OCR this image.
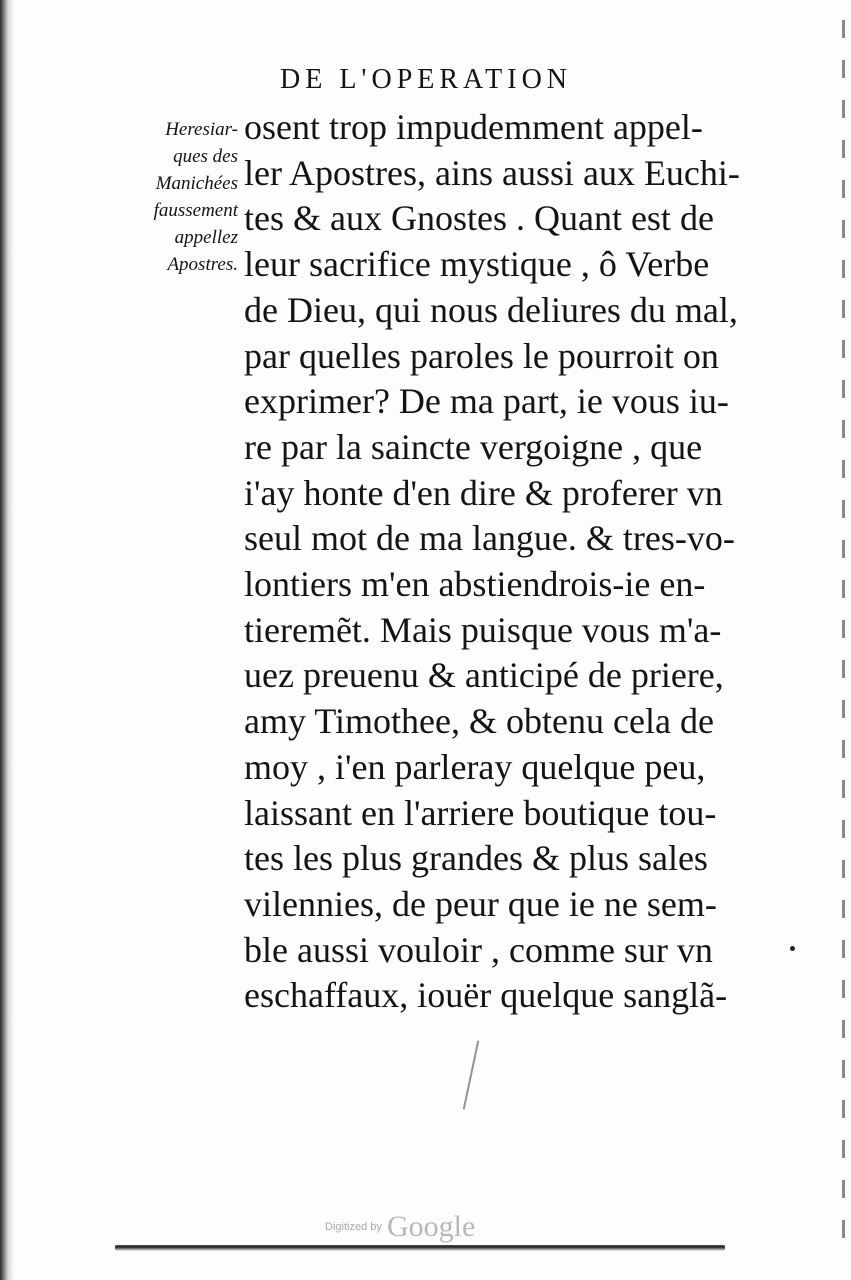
DE L'OPERATION
Heresiar-
ques des
Manichées
faussement
appellez
Apostres.
osent trop impudemment appel-
ler Apostres, ains aussi aux Euchi-
tes & aux Gnostes . Quant est de
leur sacrifice mystique , ô Verbe
de Dieu, qui nous deliures du mal,
par quelles paroles le pourroit on
exprimer? De ma part, ie vous iu-
re par la saincte vergoigne , que
i'ay honte d'en dire & proferer vn
seul mot de ma langue. & tres-vo-
lontiers m'en abstiendrois-ie en-
tieremẽt. Mais puisque vous m'a-
uez preuenu & anticipé de priere,
amy Timothee, & obtenu cela de
moy , i'en parleray quelque peu,
laissant en l'arriere boutique tou-
tes les plus grandes & plus sales
vilennies, de peur que ie ne sem-
ble aussi vouloir , comme sur vn
eschaffaux, iouër quelque sanglã-
Digitized by Google
